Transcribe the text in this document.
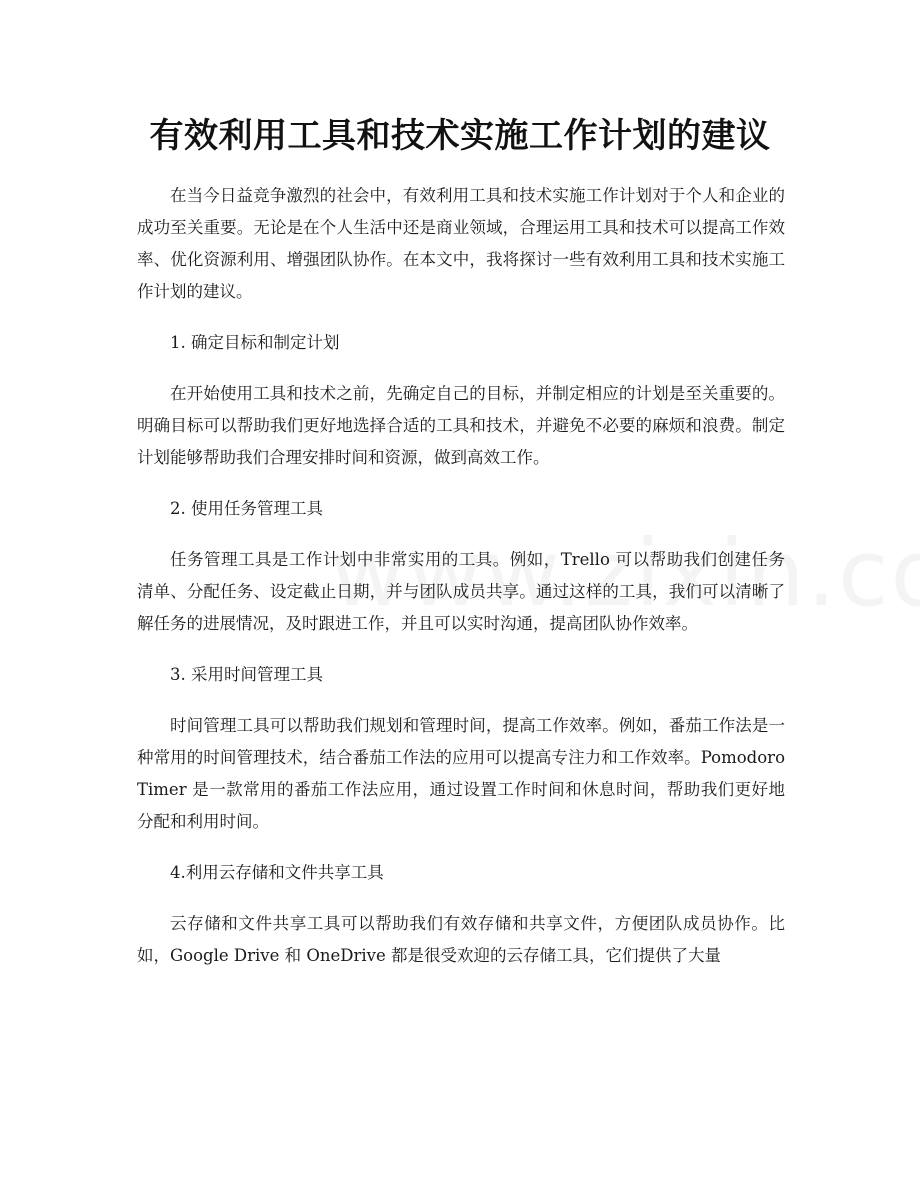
有效利用工具和技术实施工作计划的建议

在当今日益竞争激烈的社会中，有效利用工具和技术实施工作计划对于个人和企业的成功至关重要。无论是在个人生活中还是商业领域，合理运用工具和技术可以提高工作效率、优化资源利用、增强团队协作。在本文中，我将探讨一些有效利用工具和技术实施工作计划的建议。

1. 确定目标和制定计划

在开始使用工具和技术之前，先确定自己的目标，并制定相应的计划是至关重要的。明确目标可以帮助我们更好地选择合适的工具和技术，并避免不必要的麻烦和浪费。制定计划能够帮助我们合理安排时间和资源，做到高效工作。

2. 使用任务管理工具

任务管理工具是工作计划中非常实用的工具。例如，Trello 可以帮助我们创建任务清单、分配任务、设定截止日期，并与团队成员共享。通过这样的工具，我们可以清晰了解任务的进展情况，及时跟进工作，并且可以实时沟通，提高团队协作效率。

3. 采用时间管理工具

时间管理工具可以帮助我们规划和管理时间，提高工作效率。例如，番茄工作法是一种常用的时间管理技术，结合番茄工作法的应用可以提高专注力和工作效率。Pomodoro Timer 是一款常用的番茄工作法应用，通过设置工作时间和休息时间，帮助我们更好地分配和利用时间。

4.利用云存储和文件共享工具

云存储和文件共享工具可以帮助我们有效存储和共享文件，方便团队成员协作。比如，Google Drive 和 OneDrive 都是很受欢迎的云存储工具，它们提供了大量
